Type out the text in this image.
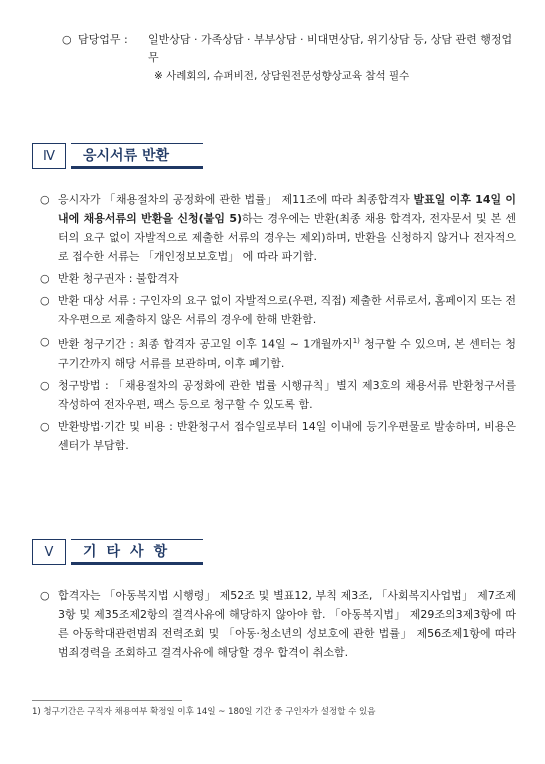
○ 담당업무 :	일반상담 · 가족상담 · 부부상담 · 비대면상담, 위기상담 등, 상담 관련 행정업무
※ 사례회의, 슈퍼비전, 상담원전문성향상교육 참석 필수
Ⅳ	응시서류 반환
○ 응시자가 「채용절차의 공정화에 관한 법률」 제11조에 따라 최종합격자 발표일 이후 14일 이내에 채용서류의 반환을 신청(붙임 5)하는 경우에는 반환(최종 채용 합격자, 전자문서 및 본 센터의 요구 없이 자발적으로 제출한 서류의 경우는 제외)하며, 반환을 신청하지 않거나 전자적으로 접수한 서류는 「개인정보보호법」 에 따라 파기함.
○ 반환 청구권자 : 불합격자
○ 반환 대상 서류 : 구인자의 요구 없이 자발적으로(우편, 직접) 제출한 서류로서, 홈페이지 또는 전자우편으로 제출하지 않은 서류의 경우에 한해 반환함.
○ 반환 청구기간 : 최종 합격자 공고일 이후 14일 ~ 1개월까지$^{1)}$ 청구할 수 있으며, 본 센터는 청구기간까지 해당 서류를 보관하며, 이후 폐기함.
○ 청구방법 : 「채용절차의 공정화에 관한 법률 시행규칙」별지 제3호의 채용서류 반환청구서를 작성하여 전자우편, 팩스 등으로 청구할 수 있도록 함.
○ 반환방법·기간 및 비용 : 반환청구서 접수일로부터 14일 이내에 등기우편물로 발송하며, 비용은 센터가 부담함.
Ⅴ	기타사항
○ 합격자는 「아동복지법 시행령」 제52조 및 별표12, 부칙 제3조, 「사회복지사업법」 제7조제3항 및 제35조제2항의 결격사유에 해당하지 않아야 함. 「아동복지법」 제29조의3제3항에 따른 아동학대관련범죄 전력조회 및 「아동·청소년의 성보호에 관한 법률」 제56조제1항에 따라 범죄경력을 조회하고 결격사유에 해당할 경우 합격이 취소함.
1) 청구기간은 구직자 채용여부 확정일 이후 14일 ~ 180일 기간 중 구인자가 설정할 수 있음
